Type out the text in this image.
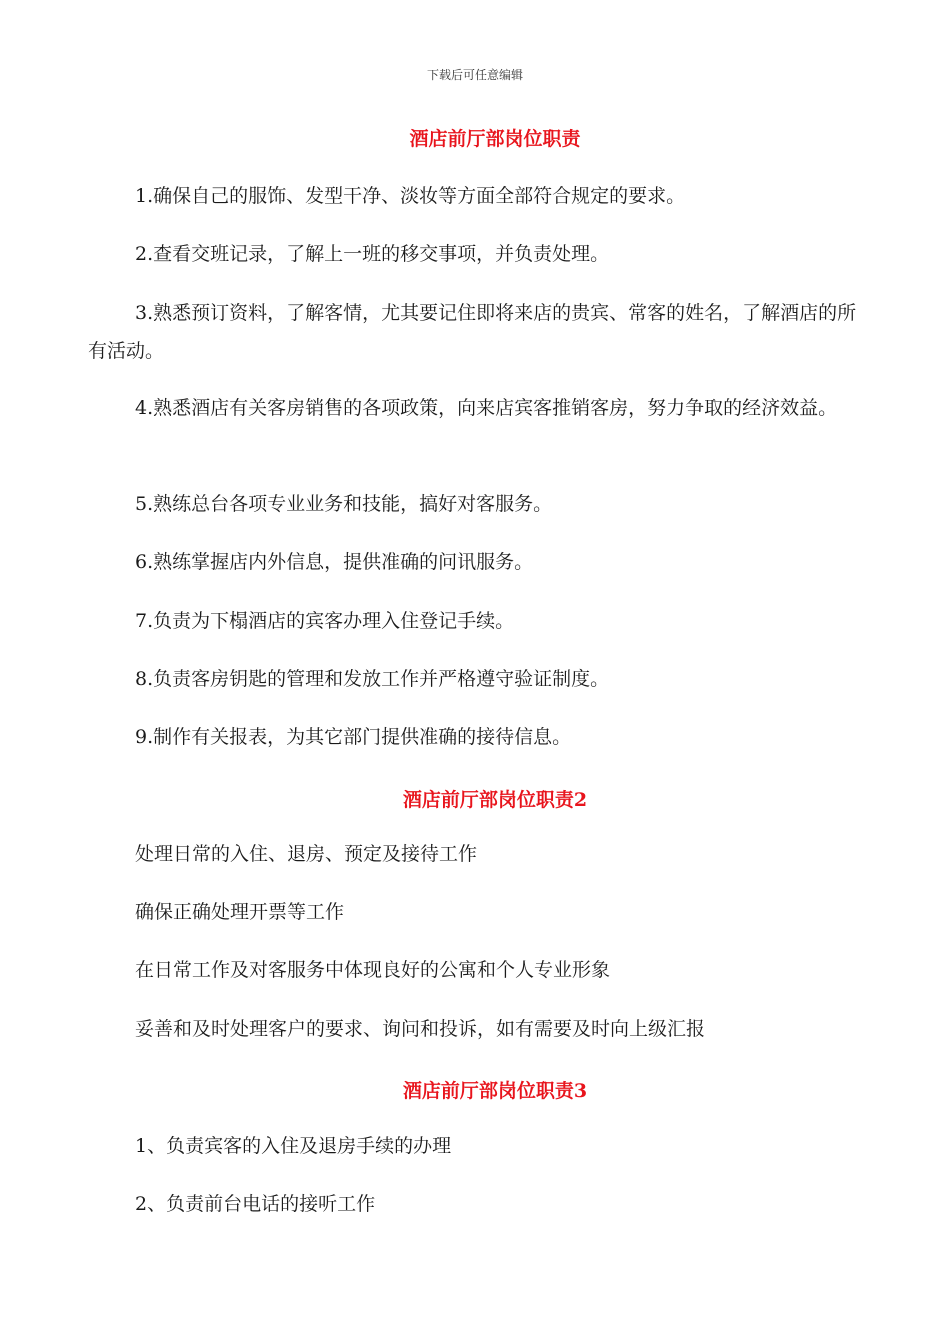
下载后可任意编辑
酒店前厅部岗位职责
1.确保自己的服饰、发型干净、淡妆等方面全部符合规定的要求。
2.查看交班记录，了解上一班的移交事项，并负责处理。
3.熟悉预订资料，了解客情，尤其要记住即将来店的贵宾、常客的姓名，了解酒店的所有活动。
4.熟悉酒店有关客房销售的各项政策，向来店宾客推销客房，努力争取的经济效益。
5.熟练总台各项专业业务和技能，搞好对客服务。
6.熟练掌握店内外信息，提供准确的问讯服务。
7.负责为下榻酒店的宾客办理入住登记手续。
8.负责客房钥匙的管理和发放工作并严格遵守验证制度。
9.制作有关报表，为其它部门提供准确的接待信息。
酒店前厅部岗位职责2
处理日常的入住、退房、预定及接待工作
确保正确处理开票等工作
在日常工作及对客服务中体现良好的公寓和个人专业形象
妥善和及时处理客户的要求、询问和投诉，如有需要及时向上级汇报
酒店前厅部岗位职责3
1、负责宾客的入住及退房手续的办理
2、负责前台电话的接听工作
